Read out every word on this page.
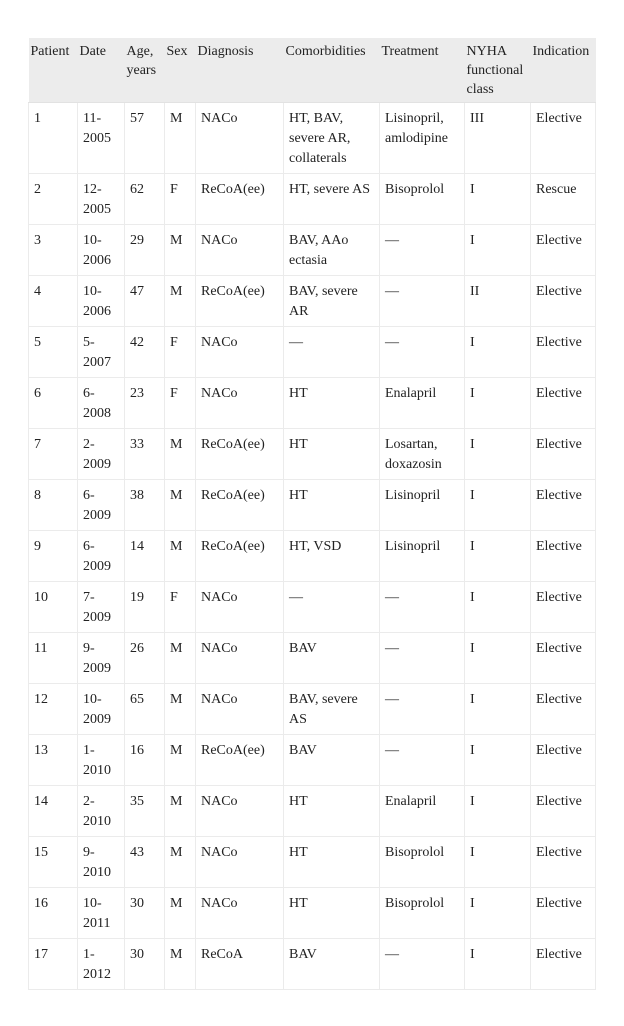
Patient	Date	Age, years	Sex	Diagnosis	Comorbidities	Treatment	NYHA functional class	Indication
1	11-2005	57	M	NACo	HT, BAV, severe AR, collaterals	Lisinopril, amlodipine	III	Elective
2	12-2005	62	F	ReCoA(ee)	HT, severe AS	Bisoprolol	I	Rescue
3	10-2006	29	M	NACo	BAV, AAo ectasia	—	I	Elective
4	10-2006	47	M	ReCoA(ee)	BAV, severe AR	—	II	Elective
5	5-2007	42	F	NACo	—	—	I	Elective
6	6-2008	23	F	NACo	HT	Enalapril	I	Elective
7	2-2009	33	M	ReCoA(ee)	HT	Losartan, doxazosin	I	Elective
8	6-2009	38	M	ReCoA(ee)	HT	Lisinopril	I	Elective
9	6-2009	14	M	ReCoA(ee)	HT, VSD	Lisinopril	I	Elective
10	7-2009	19	F	NACo	—	—	I	Elective
11	9-2009	26	M	NACo	BAV	—	I	Elective
12	10-2009	65	M	NACo	BAV, severe AS	—	I	Elective
13	1-2010	16	M	ReCoA(ee)	BAV	—	I	Elective
14	2-2010	35	M	NACo	HT	Enalapril	I	Elective
15	9-2010	43	M	NACo	HT	Bisoprolol	I	Elective
16	10-2011	30	M	NACo	HT	Bisoprolol	I	Elective
17	1-2012	30	M	ReCoA	BAV	—	I	Elective
